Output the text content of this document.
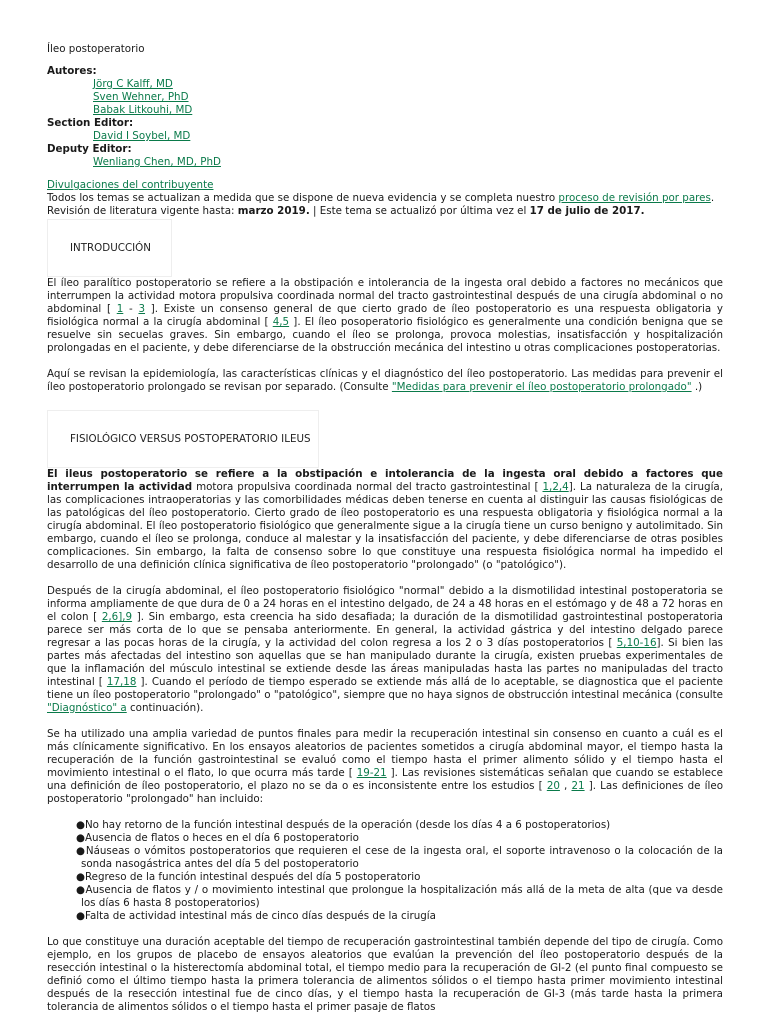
Íleo postoperatorio
Autores:
Jörg C Kalff, MD
Sven Wehner, PhD
Babak Litkouhi, MD
Section Editor:
David I Soybel, MD
Deputy Editor:
Wenliang Chen, MD, PhD
Divulgaciones del contribuyente
Todos los temas se actualizan a medida que se dispone de nueva evidencia y se completa nuestro proceso de revisión por pares.
Revisión de literatura vigente hasta: marzo 2019. | Este tema se actualizó por última vez el 17 de julio de 2017.
INTRODUCCIÓN

El íleo paralítico postoperatorio se refiere a la obstipación e intolerancia de la ingesta oral debido a factores no mecánicos que interrumpen la actividad motora propulsiva coordinada normal del tracto gastrointestinal después de una cirugía abdominal o no abdominal [ 1 - 3 ]. Existe un consenso general de que cierto grado de íleo postoperatorio es una respuesta obligatoria y fisiológica normal a la cirugía abdominal [ 4,5 ]. El íleo posoperatorio fisiológico es generalmente una condición benigna que se resuelve sin secuelas graves. Sin embargo, cuando el íleo se prolonga, provoca molestias, insatisfacción y hospitalización prolongadas en el paciente, y debe diferenciarse de la obstrucción mecánica del intestino u otras complicaciones postoperatorias.

Aquí se revisan la epidemiología, las características clínicas y el diagnóstico del íleo postoperatorio. Las medidas para prevenir el íleo postoperatorio prolongado se revisan por separado. (Consulte "Medidas para prevenir el íleo postoperatorio prolongado" .)

FISIOLÓGICO VERSUS POSTOPERATORIO ILEUS

El ileus postoperatorio se refiere a la obstipación e intolerancia de la ingesta oral debido a factores que interrumpen la actividad motora propulsiva coordinada normal del tracto gastrointestinal [ 1,2,4]. La naturaleza de la cirugía, las complicaciones intraoperatorias y las comorbilidades médicas deben tenerse en cuenta al distinguir las causas fisiológicas de las patológicas del íleo postoperatorio. Cierto grado de íleo postoperatorio es una respuesta obligatoria y fisiológica normal a la cirugía abdominal. El íleo postoperatorio fisiológico que generalmente sigue a la cirugía tiene un curso benigno y autolimitado. Sin embargo, cuando el íleo se prolonga, conduce al malestar y la insatisfacción del paciente, y debe diferenciarse de otras posibles complicaciones. Sin embargo, la falta de consenso sobre lo que constituye una respuesta fisiológica normal ha impedido el desarrollo de una definición clínica significativa de íleo postoperatorio "prolongado" (o "patológico").

Después de la cirugía abdominal, el íleo postoperatorio fisiológico "normal" debido a la dismotilidad intestinal postoperatoria se informa ampliamente de que dura de 0 a 24 horas en el intestino delgado, de 24 a 48 horas en el estómago y de 48 a 72 horas en el colon [ 2,6],9 ]. Sin embargo, esta creencia ha sido desafiada; la duración de la dismotilidad gastrointestinal postoperatoria parece ser más corta de lo que se pensaba anteriormente. En general, la actividad gástrica y del intestino delgado parece regresar a las pocas horas de la cirugía, y la actividad del colon regresa a los 2 o 3 días postoperatorios [ 5,10-16]. Si bien las partes más afectadas del intestino son aquellas que se han manipulado durante la cirugía, existen pruebas experimentales de que la inflamación del músculo intestinal se extiende desde las áreas manipuladas hasta las partes no manipuladas del tracto intestinal [ 17,18 ]. Cuando el período de tiempo esperado se extiende más allá de lo aceptable, se diagnostica que el paciente tiene un íleo postoperatorio "prolongado" o "patológico", siempre que no haya signos de obstrucción intestinal mecánica (consulte "Diagnóstico" a continuación).

Se ha utilizado una amplia variedad de puntos finales para medir la recuperación intestinal sin consenso en cuanto a cuál es el más clínicamente significativo. En los ensayos aleatorios de pacientes sometidos a cirugía abdominal mayor, el tiempo hasta la recuperación de la función gastrointestinal se evaluó como el tiempo hasta el primer alimento sólido y el tiempo hasta el movimiento intestinal o el flato, lo que ocurra más tarde [ 19-21 ]. Las revisiones sistemáticas señalan que cuando se establece una definición de íleo postoperatorio, el plazo no se da o es inconsistente entre los estudios [ 20 , 21 ]. Las definiciones de íleo postoperatorio "prolongado" han incluido:

●No hay retorno de la función intestinal después de la operación (desde los días 4 a 6 postoperatorios)
●Ausencia de flatos o heces en el día 6 postoperatorio
●Náuseas o vómitos postoperatorios que requieren el cese de la ingesta oral, el soporte intravenoso o la colocación de la sonda nasogástrica antes del día 5 del postoperatorio
●Regreso de la función intestinal después del día 5 postoperatorio
●Ausencia de flatos y / o movimiento intestinal que prolongue la hospitalización más allá de la meta de alta (que va desde los días 6 hasta 8 postoperatorios)
●Falta de actividad intestinal más de cinco días después de la cirugía

Lo que constituye una duración aceptable del tiempo de recuperación gastrointestinal también depende del tipo de cirugía. Como ejemplo, en los grupos de placebo de ensayos aleatorios que evalúan la prevención del íleo postoperatorio después de la resección intestinal o la histerectomía abdominal total, el tiempo medio para la recuperación de GI-2 (el punto final compuesto se definió como el último tiempo hasta la primera tolerancia de alimentos sólidos o el tiempo hasta primer movimiento intestinal después de la resección intestinal fue de cinco días, y el tiempo hasta la recuperación de GI-3 (más tarde hasta la primera tolerancia de alimentos sólidos o el tiempo hasta el primer pasaje de flatos
